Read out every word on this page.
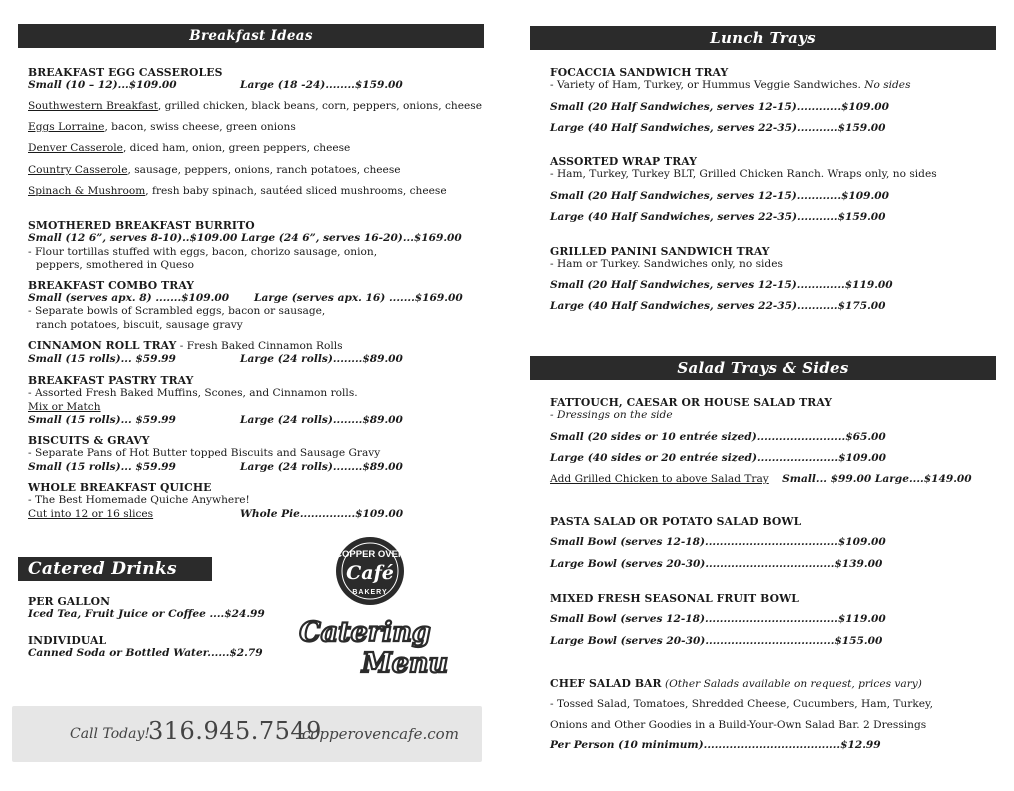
Breakfast Ideas
BREAKFAST EGG CASSEROLES
Small (10 – 12)...$109.00	Large (18 -24)........$159.00
Southwestern Breakfast, grilled chicken, black beans, corn, peppers, onions, cheese
Eggs Lorraine, bacon, swiss cheese, green onions
Denver Casserole, diced ham, onion, green peppers, cheese
Country Casserole, sausage, peppers, onions, ranch potatoes, cheese
Spinach & Mushroom, fresh baby spinach, sautéed sliced mushrooms, cheese
SMOTHERED BREAKFAST BURRITO
Small (12 6”, serves 8-10)..$109.00 Large (24 6”, serves 16-20)...$169.00
- Flour tortillas stuffed with eggs, bacon, chorizo sausage, onion,
peppers, smothered in Queso
BREAKFAST COMBO TRAY
Small (serves apx. 8) .......$109.00 Large (serves apx. 16) .......$169.00
- Separate bowls of Scrambled eggs, bacon or sausage,
ranch potatoes, biscuit, sausage gravy
CINNAMON ROLL TRAY - Fresh Baked Cinnamon Rolls
Small (15 rolls)... $59.99	Large (24 rolls)........$89.00
BREAKFAST PASTRY TRAY
- Assorted Fresh Baked Muffins, Scones, and Cinnamon rolls.
Mix or Match
Small (15 rolls)... $59.99	Large (24 rolls)........$89.00
BISCUITS & GRAVY
- Separate Pans of Hot Butter topped Biscuits and Sausage Gravy
Small (15 rolls)... $59.99	Large (24 rolls)........$89.00
WHOLE BREAKFAST QUICHE
- The Best Homemade Quiche Anywhere!
Cut into 12 or 16 slices	Whole Pie...............$109.00
Catered Drinks
PER GALLON
Iced Tea, Fruit Juice or Coffee ....$24.99
INDIVIDUAL
Canned Soda or Bottled Water......$2.79
COPPER OVEN
Café
BAKERY
Catering
Menu
Call Today!
316.945.7549
copperovencafe.com
Lunch Trays
FOCACCIA SANDWICH TRAY
- Variety of Ham, Turkey, or Hummus Veggie Sandwiches. No sides
Small (20 Half Sandwiches, serves 12-15)............$109.00
Large (40 Half Sandwiches, serves 22-35)...........$159.00
ASSORTED WRAP TRAY
- Ham, Turkey, Turkey BLT, Grilled Chicken Ranch. Wraps only, no sides
Small (20 Half Sandwiches, serves 12-15)............$109.00
Large (40 Half Sandwiches, serves 22-35)...........$159.00
GRILLED PANINI SANDWICH TRAY
- Ham or Turkey. Sandwiches only, no sides
Small (20 Half Sandwiches, serves 12-15).............$119.00
Large (40 Half Sandwiches, serves 22-35)...........$175.00
Salad Trays & Sides
FATTOUCH, CAESAR OR HOUSE SALAD TRAY
- Dressings on the side
Small (20 sides or 10 entrée sized)........................$65.00
Large (40 sides or 20 entrée sized)......................$109.00
Add Grilled Chicken to above Salad Tray Small... $99.00 Large....$149.00
PASTA SALAD OR POTATO SALAD BOWL
Small Bowl (serves 12-18)....................................$109.00
Large Bowl (serves 20-30)...................................$139.00
MIXED FRESH SEASONAL FRUIT BOWL
Small Bowl (serves 12-18)....................................$119.00
Large Bowl (serves 20-30)...................................$155.00
CHEF SALAD BAR (Other Salads available on request, prices vary)
- Tossed Salad, Tomatoes, Shredded Cheese, Cucumbers, Ham, Turkey,
Onions and Other Goodies in a Build-Your-Own Salad Bar. 2 Dressings
Per Person (10 minimum).....................................$12.99
